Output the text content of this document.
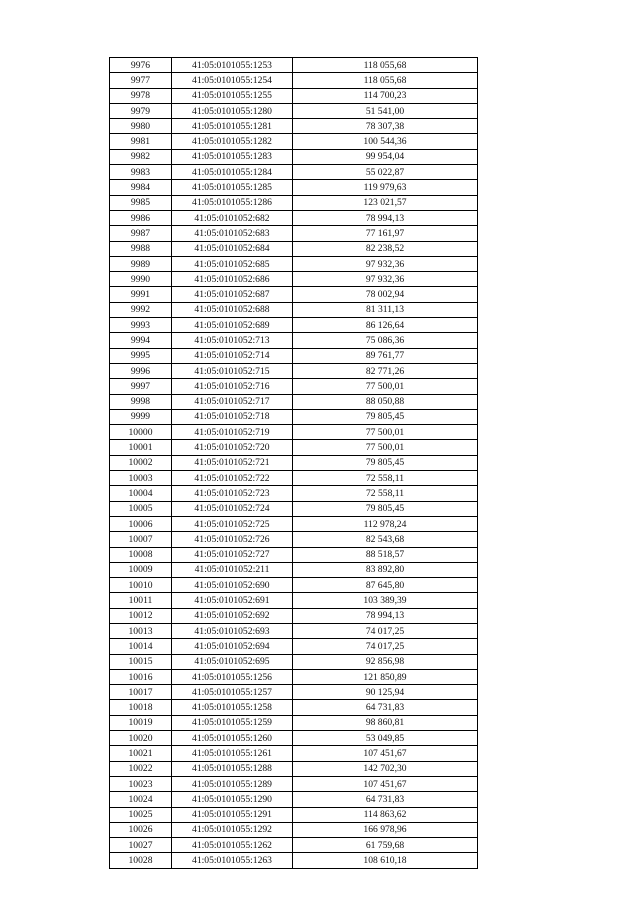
9976	41:05:0101055:1253	118 055,68
9977	41:05:0101055:1254	118 055,68
9978	41:05:0101055:1255	114 700,23
9979	41:05:0101055:1280	51 541,00
9980	41:05:0101055:1281	78 307,38
9981	41:05:0101055:1282	100 544,36
9982	41:05:0101055:1283	99 954,04
9983	41:05:0101055:1284	55 022,87
9984	41:05:0101055:1285	119 979,63
9985	41:05:0101055:1286	123 021,57
9986	41:05:0101052:682	78 994,13
9987	41:05:0101052:683	77 161,97
9988	41:05:0101052:684	82 238,52
9989	41:05:0101052:685	97 932,36
9990	41:05:0101052:686	97 932,36
9991	41:05:0101052:687	78 002,94
9992	41:05:0101052:688	81 311,13
9993	41:05:0101052:689	86 126,64
9994	41:05:0101052:713	75 086,36
9995	41:05:0101052:714	89 761,77
9996	41:05:0101052:715	82 771,26
9997	41:05:0101052:716	77 500,01
9998	41:05:0101052:717	88 050,88
9999	41:05:0101052:718	79 805,45
10000	41:05:0101052:719	77 500,01
10001	41:05:0101052:720	77 500,01
10002	41:05:0101052:721	79 805,45
10003	41:05:0101052:722	72 558,11
10004	41:05:0101052:723	72 558,11
10005	41:05:0101052:724	79 805,45
10006	41:05:0101052:725	112 978,24
10007	41:05:0101052:726	82 543,68
10008	41:05:0101052:727	88 518,57
10009	41:05:0101052:211	83 892,80
10010	41:05:0101052:690	87 645,80
10011	41:05:0101052:691	103 389,39
10012	41:05:0101052:692	78 994,13
10013	41:05:0101052:693	74 017,25
10014	41:05:0101052:694	74 017,25
10015	41:05:0101052:695	92 856,98
10016	41:05:0101055:1256	121 850,89
10017	41:05:0101055:1257	90 125,94
10018	41:05:0101055:1258	64 731,83
10019	41:05:0101055:1259	98 860,81
10020	41:05:0101055:1260	53 049,85
10021	41:05:0101055:1261	107 451,67
10022	41:05:0101055:1288	142 702,30
10023	41:05:0101055:1289	107 451,67
10024	41:05:0101055:1290	64 731,83
10025	41:05:0101055:1291	114 863,62
10026	41:05:0101055:1292	166 978,96
10027	41:05:0101055:1262	61 759,68
10028	41:05:0101055:1263	108 610,18
